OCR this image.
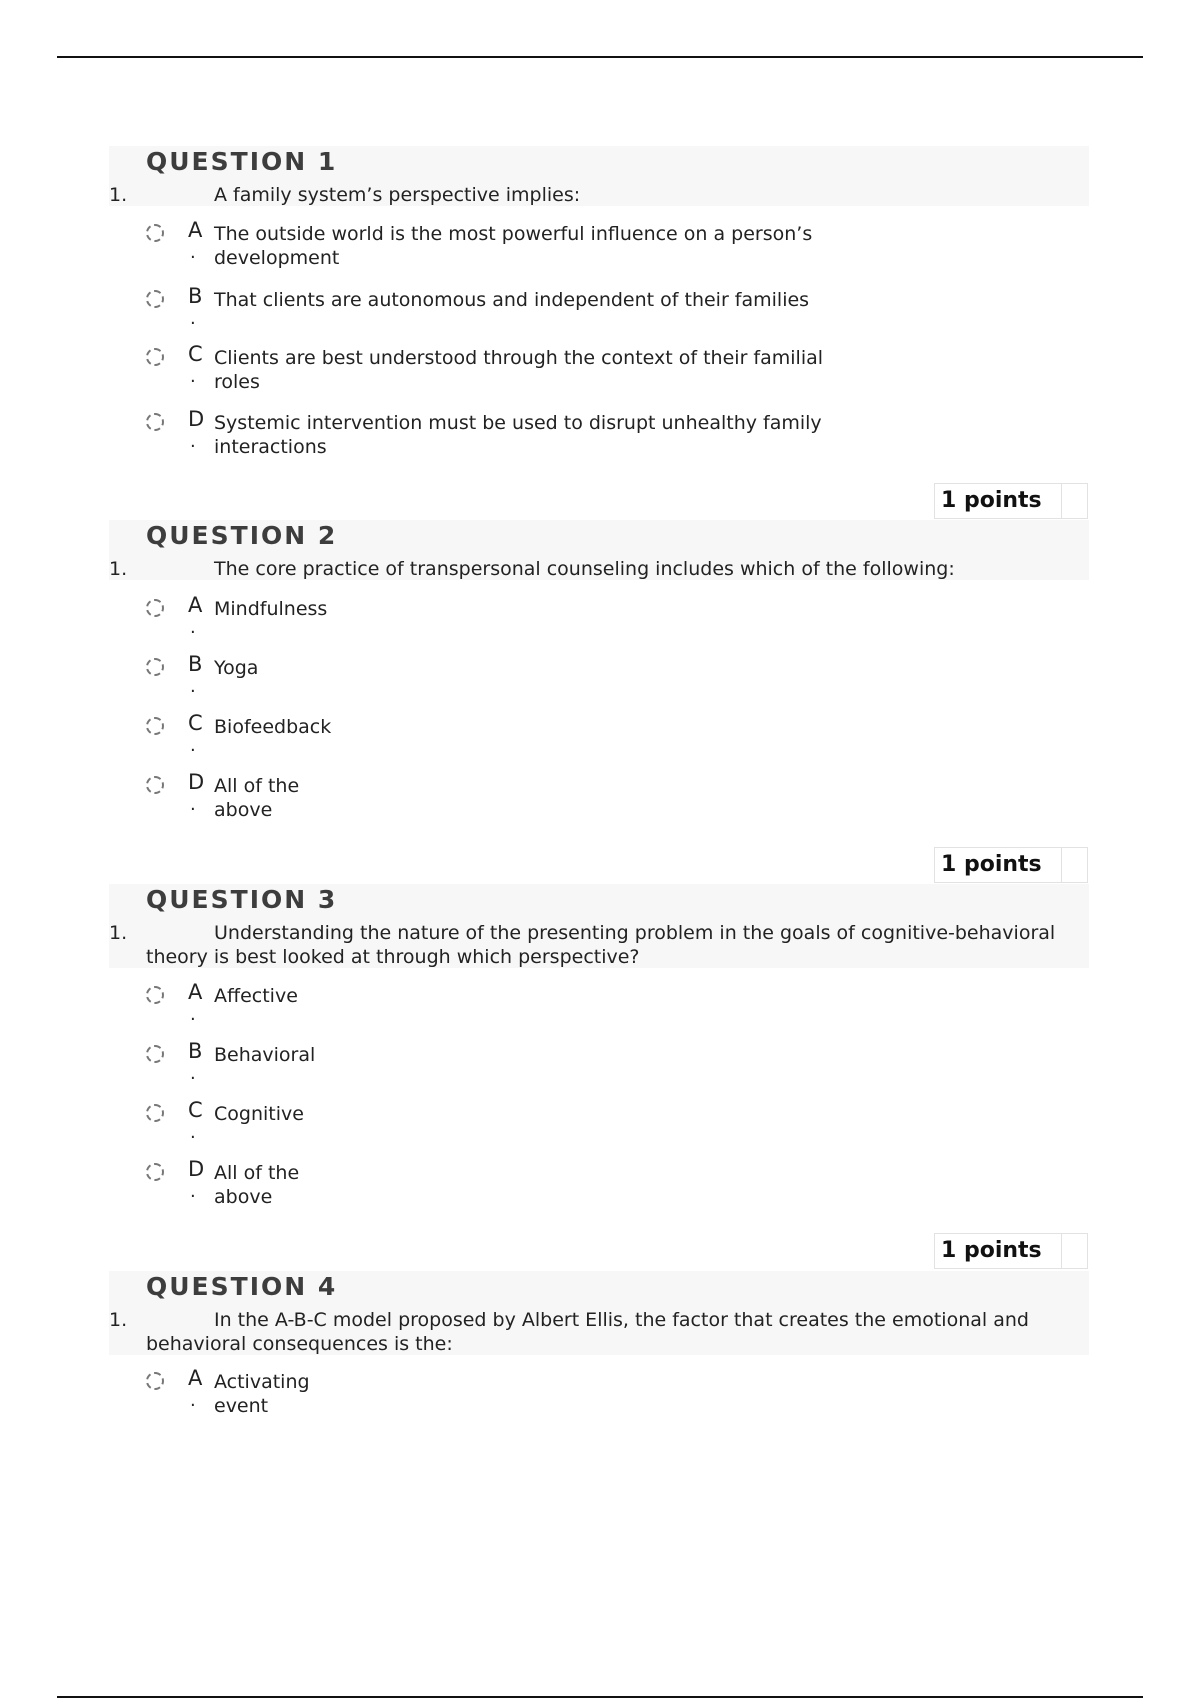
QUESTION 1
1.	A family system’s perspective implies:
A
.
The outside world is the most powerful influence on a person’s
development
B
.
That clients are autonomous and independent of their families
C
.
Clients are best understood through the context of their familial
roles
D
.
Systemic intervention must be used to disrupt unhealthy family
interactions
1 points
QUESTION 2
1.	The core practice of transpersonal counseling includes which of the following:
A
.
Mindfulness
B
.
Yoga
C
.
Biofeedback
D
.
All of the
above
1 points
QUESTION 3
1.	Understanding the nature of the presenting problem in the goals of cognitive-behavioral theory is best looked at through which perspective?
A
.
Affective
B
.
Behavioral
C
.
Cognitive
D
.
All of the
above
1 points
QUESTION 4
1.	In the A-B-C model proposed by Albert Ellis, the factor that creates the emotional and behavioral consequences is the:
A
.
Activating
event
